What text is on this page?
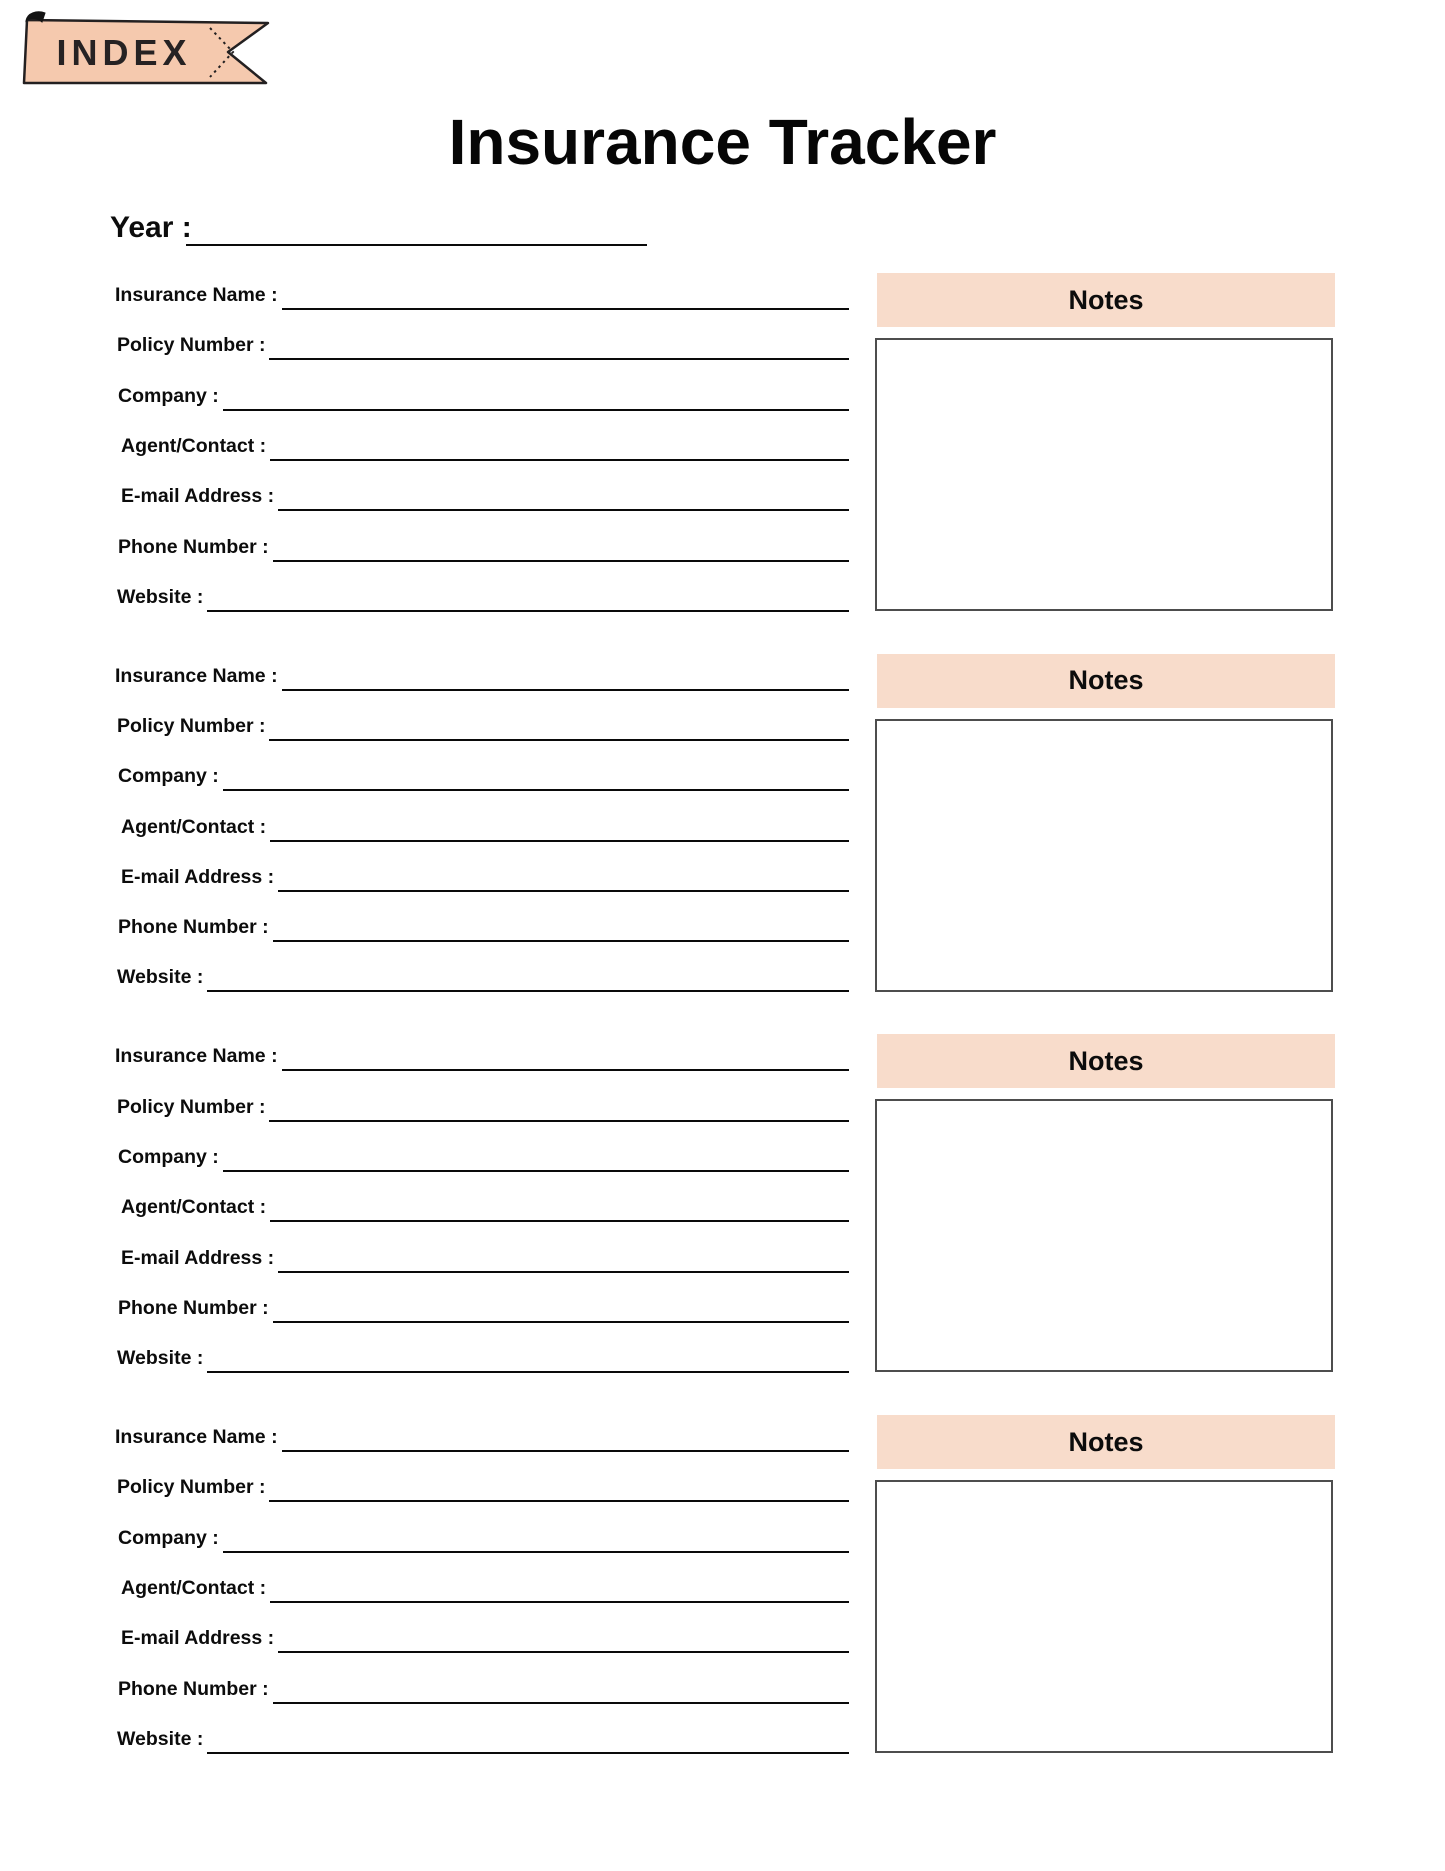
INDEX
Insurance Tracker
Year :
Insurance Name :
Policy Number :
Company :
Agent/Contact :
E-mail Address :
Phone Number :
Website :
Notes
Insurance Name :
Policy Number :
Company :
Agent/Contact :
E-mail Address :
Phone Number :
Website :
Notes
Insurance Name :
Policy Number :
Company :
Agent/Contact :
E-mail Address :
Phone Number :
Website :
Notes
Insurance Name :
Policy Number :
Company :
Agent/Contact :
E-mail Address :
Phone Number :
Website :
Notes
